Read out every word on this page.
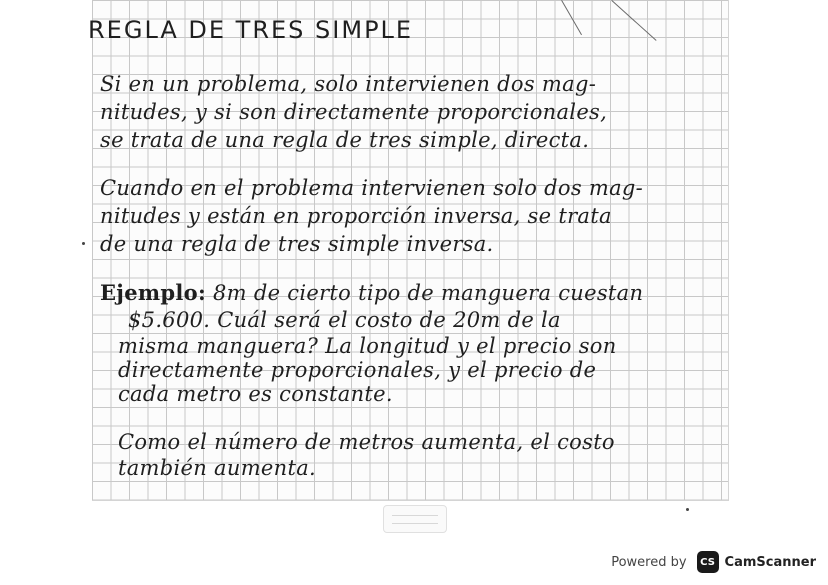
REGLA DE TRES SIMPLE
Si en un problema, solo intervienen dos mag-
nitudes, y si son directamente proporcionales,
se trata de una regla de tres simple, directa.
Cuando en el problema intervienen solo dos mag-
nitudes y están en proporción inversa, se trata
de una regla de tres simple inversa.
Ejemplo: 8m de cierto tipo de manguera cuestan
$5.600. Cuál será el costo de 20m de la
misma manguera? La longitud y el precio son
directamente proporcionales, y el precio de
cada metro es constante.
Como el número de metros aumenta, el costo
también aumenta.
Powered by	CS CamScanner
